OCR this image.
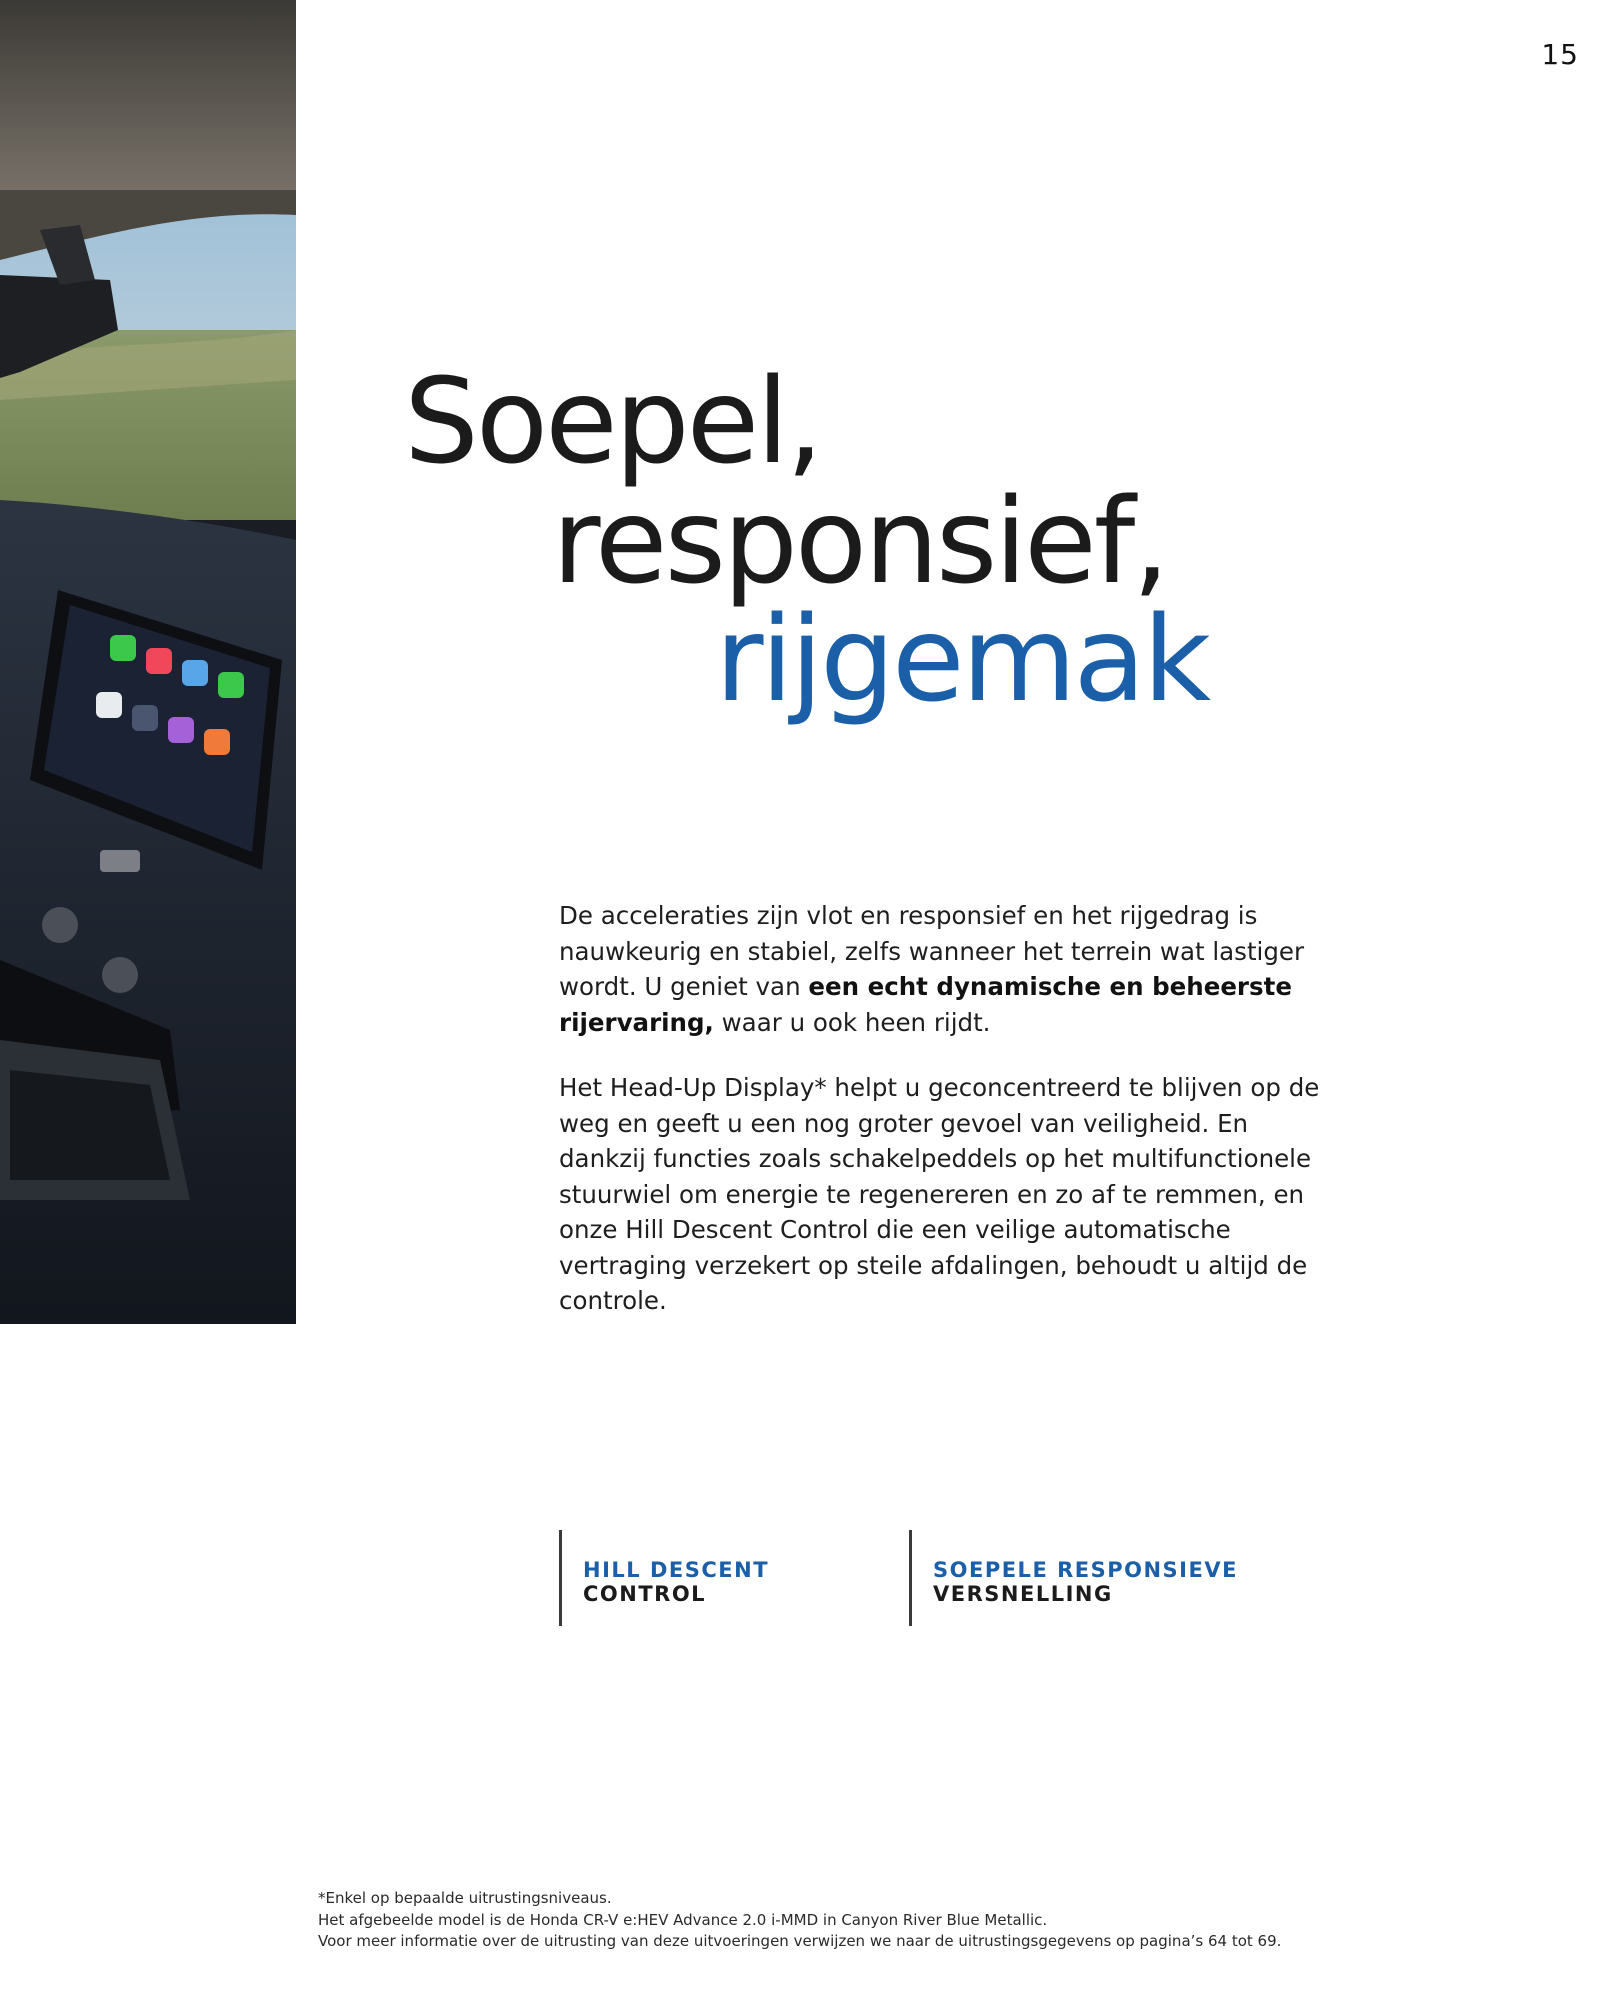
15
Soepel,
responsief,
rijgemak

De acceleraties zijn vlot en responsief en het rijgedrag is nauwkeurig en stabiel, zelfs wanneer het terrein wat lastiger wordt. U geniet van een echt dynamische en beheerste rijervaring, waar u ook heen rijdt.

Het Head-Up Display* helpt u geconcentreerd te blijven op de weg en geeft u een nog groter gevoel van veiligheid. En dankzij functies zoals schakelpeddels op het multifunctionele stuurwiel om energie te regenereren en zo af te remmen, en onze Hill Descent Control die een veilige automatische vertraging verzekert op steile afdalingen, behoudt u altijd de controle.

HILL DESCENT
CONTROL
SOEPELE RESPONSIEVE
VERSNELLING
*Enkel op bepaalde uitrustingsniveaus.
Het afgebeelde model is de Honda CR-V e:HEV Advance 2.0 i-MMD in Canyon River Blue Metallic.
Voor meer informatie over de uitrusting van deze uitvoeringen verwijzen we naar de uitrustingsgegevens op pagina’s 64 tot 69.
